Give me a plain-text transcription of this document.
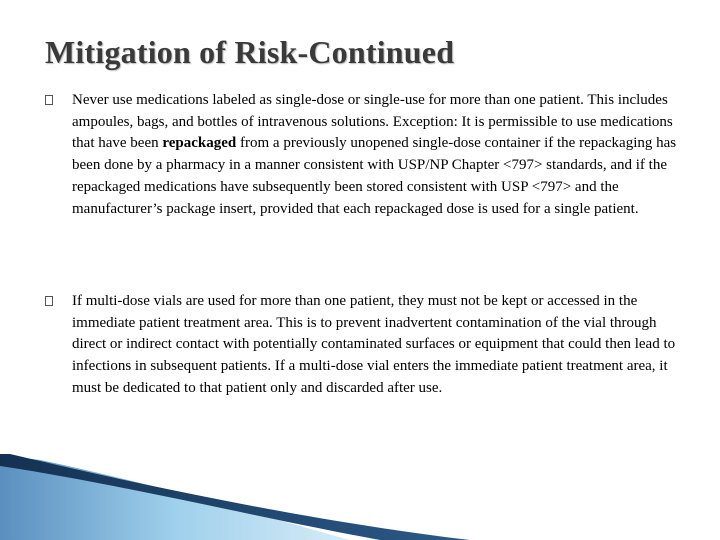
Mitigation of Risk-Continued
Never use medications labeled as single-dose or single-use for more than one patient. This includes ampoules, bags, and bottles of intravenous solutions. Exception: It is permissible to use medications that have been repackaged from a previously unopened single-dose container if the repackaging has been done by a pharmacy in a manner consistent with USP/NP Chapter <797> standards, and if the repackaged medications have subsequently been stored consistent with USP <797> and the manufacturer’s package insert, provided that each repackaged dose is used for a single patient.
If multi-dose vials are used for more than one patient, they must not be kept or accessed in the immediate patient treatment area. This is to prevent inadvertent contamination of the vial through direct or indirect contact with potentially contaminated surfaces or equipment that could then lead to infections in subsequent patients. If a multi-dose vial enters the immediate patient treatment area, it must be dedicated to that patient only and discarded after use.
